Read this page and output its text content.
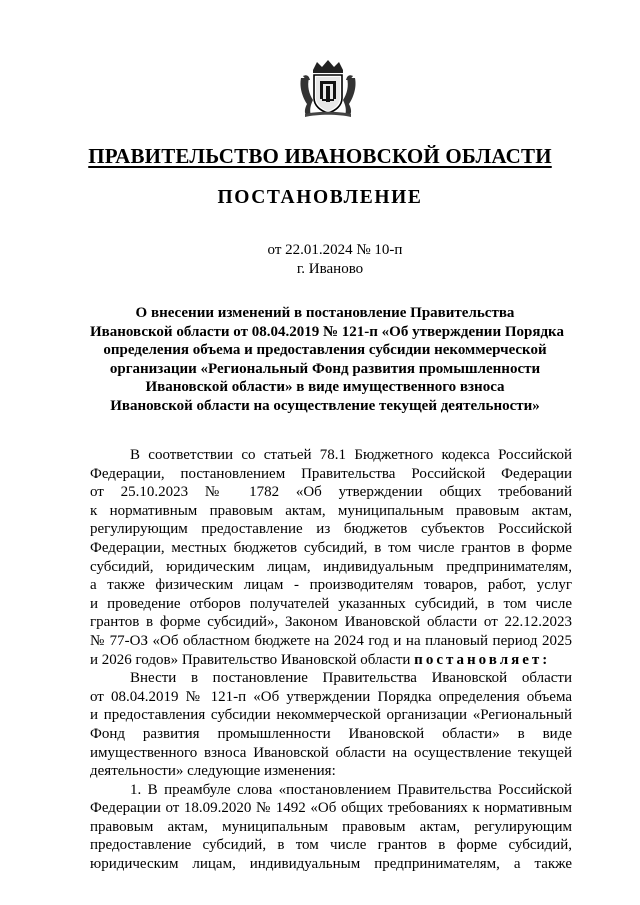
ПРАВИТЕЛЬСТВО ИВАНОВСКОЙ ОБЛАСТИ
ПОСТАНОВЛЕНИЕ
от 22.01.2024 № 10-п
г. Иваново
О внесении изменений в постановление Правительства
Ивановской области от 08.04.2019 № 121-п «Об утверждении Порядка
определения объема и предоставления субсидии некоммерческой
организации «Региональный Фонд развития промышленности
Ивановской области» в виде имущественного взноса
Ивановской области на осуществление текущей деятельности»
В соответствии со статьей 78.1 Бюджетного кодекса Российской
Федерации, постановлением Правительства Российской Федерации
от 25.10.2023 № 1782 «Об утверждении общих требований
к нормативным правовым актам, муниципальным правовым актам,
регулирующим предоставление из бюджетов субъектов Российской
Федерации, местных бюджетов субсидий, в том числе грантов в форме
субсидий, юридическим лицам, индивидуальным предпринимателям,
а также физическим лицам - производителям товаров, работ, услуг
и проведение отборов получателей указанных субсидий, в том числе
грантов в форме субсидий», Законом Ивановской области от 22.12.2023
№ 77-ОЗ «Об областном бюджете на 2024 год и на плановый период 2025
и 2026 годов» Правительство Ивановской области постановляет:
Внести в постановление Правительства Ивановской области
от 08.04.2019 № 121-п «Об утверждении Порядка определения объема
и предоставления субсидии некоммерческой организации «Региональный
Фонд развития промышленности Ивановской области» в виде
имущественного взноса Ивановской области на осуществление текущей
деятельности» следующие изменения:
1. В преамбуле слова «постановлением Правительства Российской
Федерации от 18.09.2020 № 1492 «Об общих требованиях к нормативным
правовым актам, муниципальным правовым актам, регулирующим
предоставление субсидий, в том числе грантов в форме субсидий,
юридическим лицам, индивидуальным предпринимателям, а также
